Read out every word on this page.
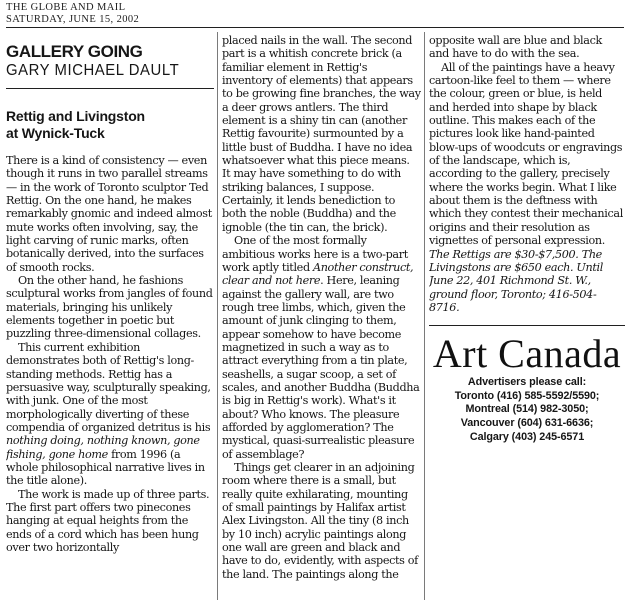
THE GLOBE AND MAIL
SATURDAY, JUNE 15, 2002
GALLERY GOING
GARY MICHAEL DAULT
Rettig and Livingston
at Wynick-Tuck

There is a kind of consistency — even though it runs in two parallel streams — in the work of Toronto sculptor Ted Rettig. On the one hand, he makes remarkably gnomic and indeed almost mute works often involving, say, the light carving of runic marks, often botanically derived, into the surfaces of smooth rocks.

On the other hand, he fashions sculptural works from jangles of found materials, bringing his unlikely elements together in poetic but puzzling three-dimensional collages.

This current exhibition demonstrates both of Rettig's long-standing methods. Rettig has a persuasive way, sculpturally speaking, with junk. One of the most morphologically diverting of these compendia of organized detritus is his nothing doing, nothing known, gone fishing, gone home from 1996 (a whole philosophical narrative lives in the title alone).

The work is made up of three parts. The first part offers two pinecones hanging at equal heights from the ends of a cord which has been hung over two horizontally

placed nails in the wall. The second part is a whitish concrete brick (a familiar element in Rettig's inventory of elements) that appears to be growing fine branches, the way a deer grows antlers. The third element is a shiny tin can (another Rettig favourite) surmounted by a little bust of Buddha. I have no idea whatsoever what this piece means. It may have something to do with striking balances, I suppose. Certainly, it lends benediction to both the noble (Buddha) and the ignoble (the tin can, the brick).

One of the most formally ambitious works here is a two-part work aptly titled Another construct, clear and not here. Here, leaning against the gallery wall, are two rough tree limbs, which, given the amount of junk clinging to them, appear somehow to have become magnetized in such a way as to attract everything from a tin plate, seashells, a sugar scoop, a set of scales, and another Buddha (Buddha is big in Rettig's work). What's it about? Who knows. The pleasure afforded by agglomeration? The mystical, quasi-surrealistic pleasure of assemblage?

Things get clearer in an adjoining room where there is a small, but really quite exhilarating, mounting of small paintings by Halifax artist Alex Livingston. All the tiny (8 inch by 10 inch) acrylic paintings along one wall are green and black and have to do, evidently, with aspects of the land. The paintings along the

opposite wall are blue and black and have to do with the sea.

All of the paintings have a heavy cartoon-like feel to them — where the colour, green or blue, is held and herded into shape by black outline. This makes each of the pictures look like hand-painted blow-ups of woodcuts or engravings of the landscape, which is, according to the gallery, precisely where the works begin. What I like about them is the deftness with which they contest their mechanical origins and their resolution as vignettes of personal expression. The Rettigs are $30-$7,500. The Livingstons are $650 each. Until June 22, 401 Richmond St. W., ground floor, Toronto; 416-504-8716.

Art Canada
Advertisers please call:
Toronto (416) 585-5592/5590;
Montreal (514) 982-3050;
Vancouver (604) 631-6636;
Calgary (403) 245-6571
